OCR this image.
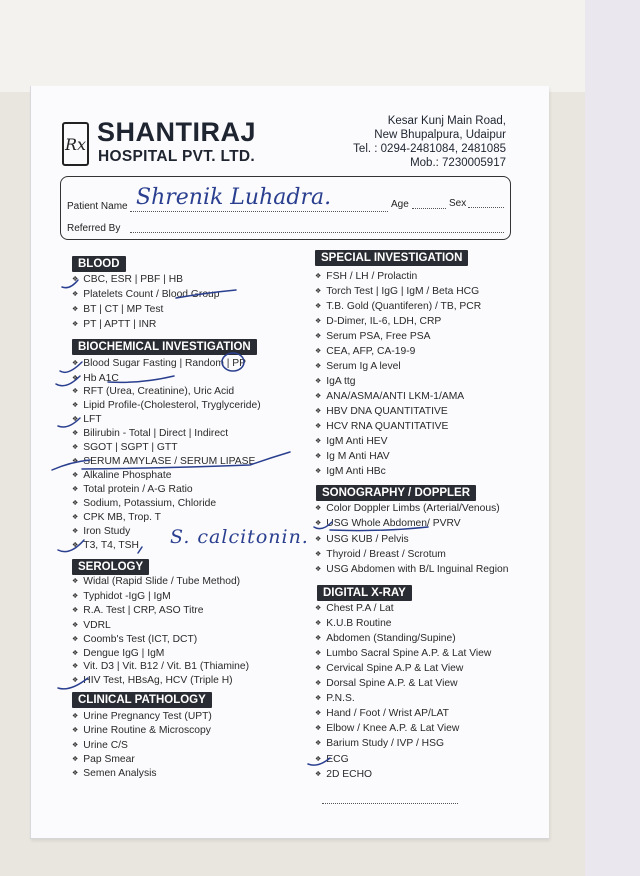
Rx SHANTIRAJ
HOSPITAL PVT. LTD.
Kesar Kunj Main Road,
New Bhupalpura, Udaipur
Tel. : 0294-2481084, 2481085
Mob.: 7230005917
Patient Name Shrenik Luhadra.	Age	Sex
Referred By
BLOOD
❖ CBC, ESR | PBF | HB
❖ Platelets Count / Blood Group
❖ BT | CT | MP Test
❖ PT | APTT | INR
BIOCHEMICAL INVESTIGATION
❖ Blood Sugar Fasting | Random | PP
❖ Hb A1C
❖ RFT (Urea, Creatinine), Uric Acid
❖ Lipid Profile-(Cholesterol, Tryglyceride)
❖ LFT
❖ Bilirubin - Total | Direct | Indirect
❖ SGOT | SGPT | GTT
❖ SERUM AMYLASE / SERUM LIPASE
❖ Alkaline Phosphate
❖ Total protein / A-G Ratio
❖ Sodium, Potassium, Chloride
❖ CPK MB, Trop. T
❖ Iron Study
❖ T3, T4, TSH
SEROLOGY
❖ Widal (Rapid Slide / Tube Method)
❖ Typhidot -IgG | IgM
❖ R.A. Test | CRP, ASO Titre
❖ VDRL
❖ Coomb's Test (ICT, DCT)
❖ Dengue IgG | IgM
❖ Vit. D3 | Vit. B12 / Vit. B1 (Thiamine)
❖ HIV Test, HBsAg, HCV (Triple H)
CLINICAL PATHOLOGY
❖ Urine Pregnancy Test (UPT)
❖ Urine Routine & Microscopy
❖ Urine C/S
❖ Pap Smear
❖ Semen Analysis
SPECIAL INVESTIGATION
❖ FSH / LH / Prolactin
❖ Torch Test | IgG | IgM / Beta HCG
❖ T.B. Gold (Quantiferen) / TB, PCR
❖ D-Dimer, IL-6, LDH, CRP
❖ Serum PSA, Free PSA
❖ CEA, AFP, CA-19-9
❖ Serum Ig A level
❖ IgA ttg
❖ ANA/ASMA/ANTI LKM-1/AMA
❖ HBV DNA QUANTITATIVE
❖ HCV RNA QUANTITATIVE
❖ IgM Anti HEV
❖ Ig M Anti HAV
❖ IgM Anti HBc
SONOGRAPHY / DOPPLER
❖ Color Doppler Limbs (Arterial/Venous)
❖ USG Whole Abdomen/ PVRV
❖ USG KUB / Pelvis
❖ Thyroid / Breast / Scrotum
❖ USG Abdomen with B/L Inguinal Region
DIGITAL X-RAY
❖ Chest P.A / Lat
❖ K.U.B Routine
❖ Abdomen (Standing/Supine)
❖ Lumbo Sacral Spine A.P. & Lat View
❖ Cervical Spine A.P & Lat View
❖ Dorsal Spine A.P. & Lat View
❖ P.N.S.
❖ Hand / Foot / Wrist AP/LAT
❖ Elbow / Knee A.P. & Lat View
❖ Barium Study / IVP / HSG
❖ ECG
❖ 2D ECHO
S. calcitonin.
